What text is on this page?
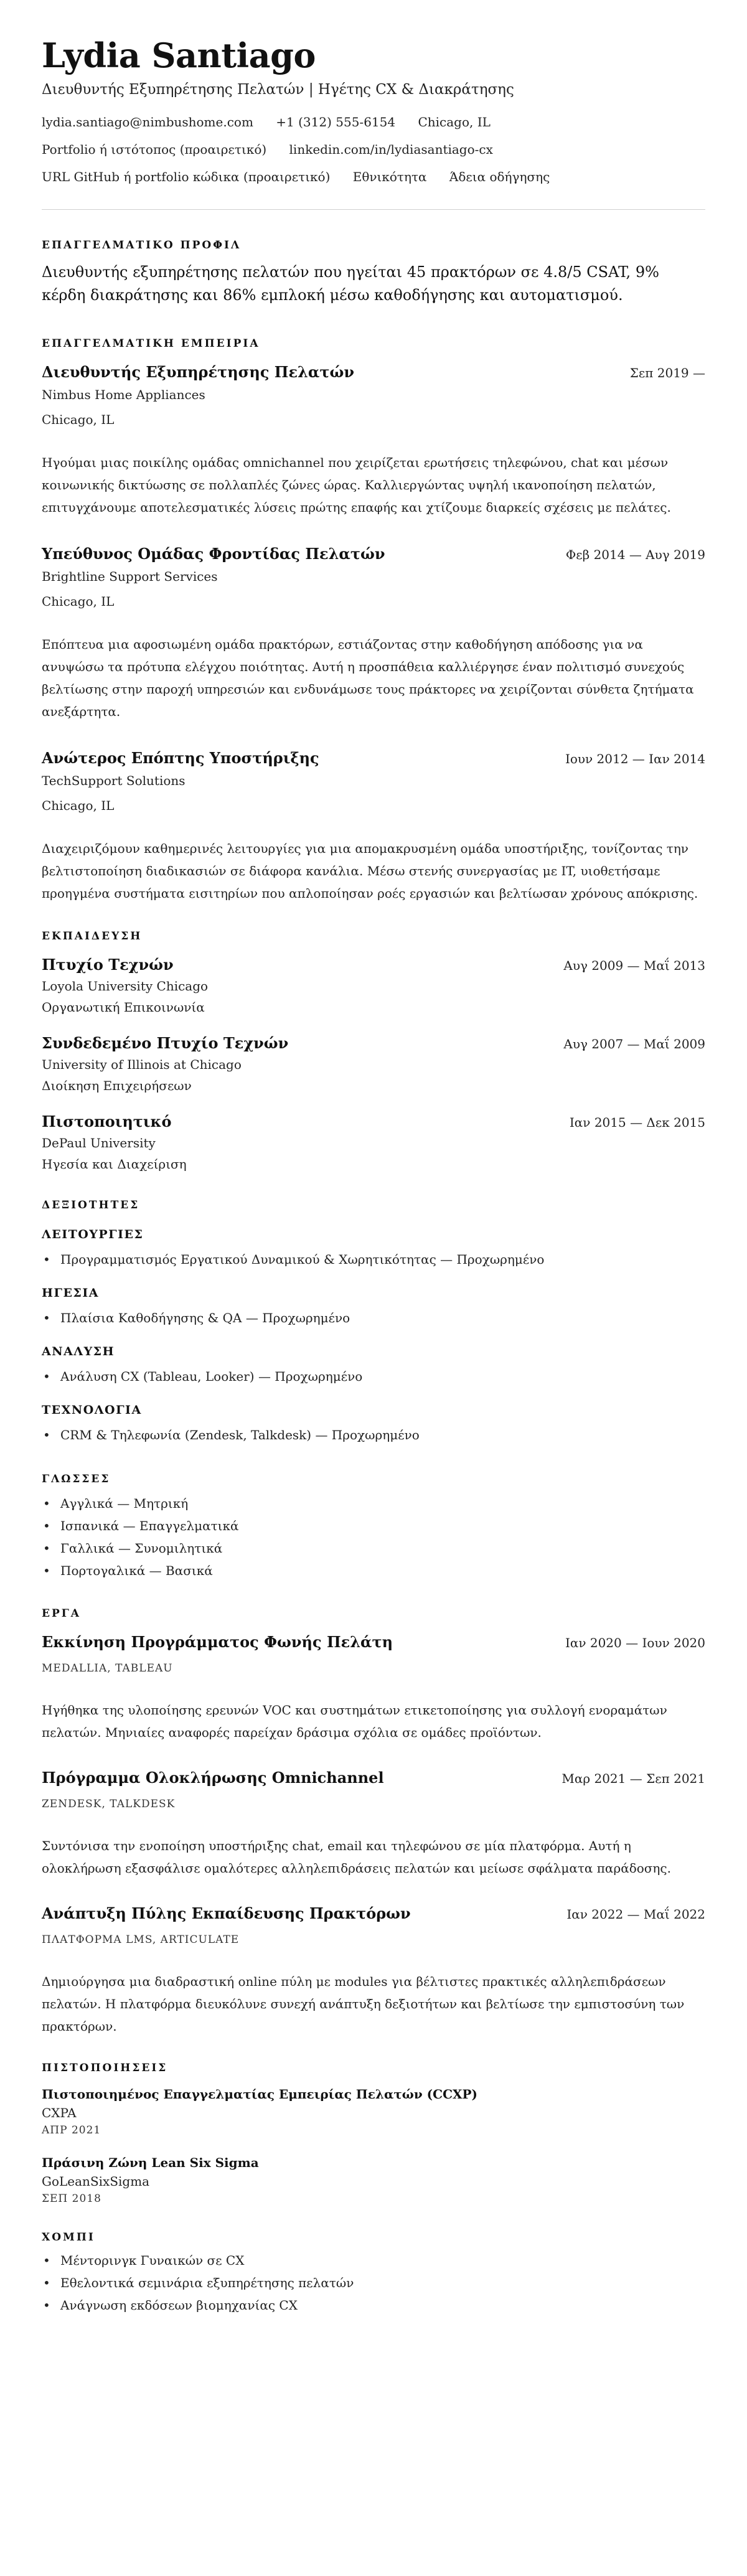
Lydia Santiago
Διευθυντής Εξυπηρέτησης Πελατών | Ηγέτης CX & Διακράτησης
lydia.santiago@nimbushome.com +1 (312) 555-6154 Chicago, IL
Portfolio ή ιστότοπος (προαιρετικό) linkedin.com/in/lydiasantiago-cx
URL GitHub ή portfolio κώδικα (προαιρετικό) Εθνικότητα Άδεια οδήγησης
ΕΠΑΓΓΕΛΜΑΤΙΚΟ ΠΡΟΦΙΛ

Διευθυντής εξυπηρέτησης πελατών που ηγείται 45 πρακτόρων σε 4.8/5 CSAT, 9% κέρδη διακράτησης και 86% εμπλοκή μέσω καθοδήγησης και αυτοματισμού.

ΕΠΑΓΓΕΛΜΑΤΙΚΗ ΕΜΠΕΙΡΙΑ
Διευθυντής Εξυπηρέτησης Πελατών	Σεπ 2019 —
Nimbus Home Appliances
Chicago, IL

Ηγούμαι μιας ποικίλης ομάδας omnichannel που χειρίζεται ερωτήσεις τηλεφώνου, chat και μέσων κοινωνικής δικτύωσης σε πολλαπλές ζώνες ώρας. Καλλιεργώντας υψηλή ικανοποίηση πελατών, επιτυγχάνουμε αποτελεσματικές λύσεις πρώτης επαφής και χτίζουμε διαρκείς σχέσεις με πελάτες.

Υπεύθυνος Ομάδας Φροντίδας Πελατών	Φεβ 2014 — Αυγ 2019
Brightline Support Services
Chicago, IL

Επόπτευα μια αφοσιωμένη ομάδα πρακτόρων, εστιάζοντας στην καθοδήγηση απόδοσης για να ανυψώσω τα πρότυπα ελέγχου ποιότητας. Αυτή η προσπάθεια καλλιέργησε έναν πολιτισμό συνεχούς βελτίωσης στην παροχή υπηρεσιών και ενδυνάμωσε τους πράκτορες να χειρίζονται σύνθετα ζητήματα ανεξάρτητα.

Ανώτερος Επόπτης Υποστήριξης	Ιουν 2012 — Ιαν 2014
TechSupport Solutions
Chicago, IL

Διαχειριζόμουν καθημερινές λειτουργίες για μια απομακρυσμένη ομάδα υποστήριξης, τονίζοντας την βελτιστοποίηση διαδικασιών σε διάφορα κανάλια. Μέσω στενής συνεργασίας με IT, υιοθετήσαμε προηγμένα συστήματα εισιτηρίων που απλοποίησαν ροές εργασιών και βελτίωσαν χρόνους απόκρισης.

ΕΚΠΑΙΔΕΥΣΗ
Πτυχίο Τεχνών	Αυγ 2009 — Μαΐ 2013
Loyola University Chicago
Οργανωτική Επικοινωνία
Συνδεδεμένο Πτυχίο Τεχνών	Αυγ 2007 — Μαΐ 2009
University of Illinois at Chicago
Διοίκηση Επιχειρήσεων
Πιστοποιητικό	Ιαν 2015 — Δεκ 2015
DePaul University
Ηγεσία και Διαχείριση
ΔΕΞΙΟΤΗΤΕΣ
ΛΕΙΤΟΥΡΓΙΕΣ
• Προγραμματισμός Εργατικού Δυναμικού & Χωρητικότητας — Προχωρημένο
ΗΓΕΣΙΑ
• Πλαίσια Καθοδήγησης & QA — Προχωρημένο
ΑΝΑΛΥΣΗ
• Ανάλυση CX (Tableau, Looker) — Προχωρημένο
ΤΕΧΝΟΛΟΓΙΑ
• CRM & Τηλεφωνία (Zendesk, Talkdesk) — Προχωρημένο
ΓΛΩΣΣΕΣ
• Αγγλικά — Μητρική
• Ισπανικά — Επαγγελματικά
• Γαλλικά — Συνομιλητικά
• Πορτογαλικά — Βασικά
ΕΡΓΑ
Εκκίνηση Προγράμματος Φωνής Πελάτη	Ιαν 2020 — Ιουν 2020
MEDALLIA, TABLEAU

Ηγήθηκα της υλοποίησης ερευνών VOC και συστημάτων ετικετοποίησης για συλλογή ενοραμάτων πελατών. Μηνιαίες αναφορές παρείχαν δράσιμα σχόλια σε ομάδες προϊόντων.

Πρόγραμμα Ολοκλήρωσης Omnichannel	Μαρ 2021 — Σεπ 2021
ZENDESK, TALKDESK

Συντόνισα την ενοποίηση υποστήριξης chat, email και τηλεφώνου σε μία πλατφόρμα. Αυτή η ολοκλήρωση εξασφάλισε ομαλότερες αλληλεπιδράσεις πελατών και μείωσε σφάλματα παράδοσης.

Ανάπτυξη Πύλης Εκπαίδευσης Πρακτόρων	Ιαν 2022 — Μαΐ 2022
ΠΛΑΤΦΟΡΜΑ LMS, ARTICULATE

Δημιούργησα μια διαδραστική online πύλη με modules για βέλτιστες πρακτικές αλληλεπιδράσεων πελατών. Η πλατφόρμα διευκόλυνε συνεχή ανάπτυξη δεξιοτήτων και βελτίωσε την εμπιστοσύνη των πρακτόρων.

ΠΙΣΤΟΠΟΙΗΣΕΙΣ
Πιστοποιημένος Επαγγελματίας Εμπειρίας Πελατών (CCXP)
CXPA
ΑΠΡ 2021
Πράσινη Ζώνη Lean Six Sigma
GoLeanSixSigma
ΣΕΠ 2018
ΧΟΜΠΙ
• Μέντορινγκ Γυναικών σε CX
• Εθελοντικά σεμινάρια εξυπηρέτησης πελατών
• Ανάγνωση εκδόσεων βιομηχανίας CX
